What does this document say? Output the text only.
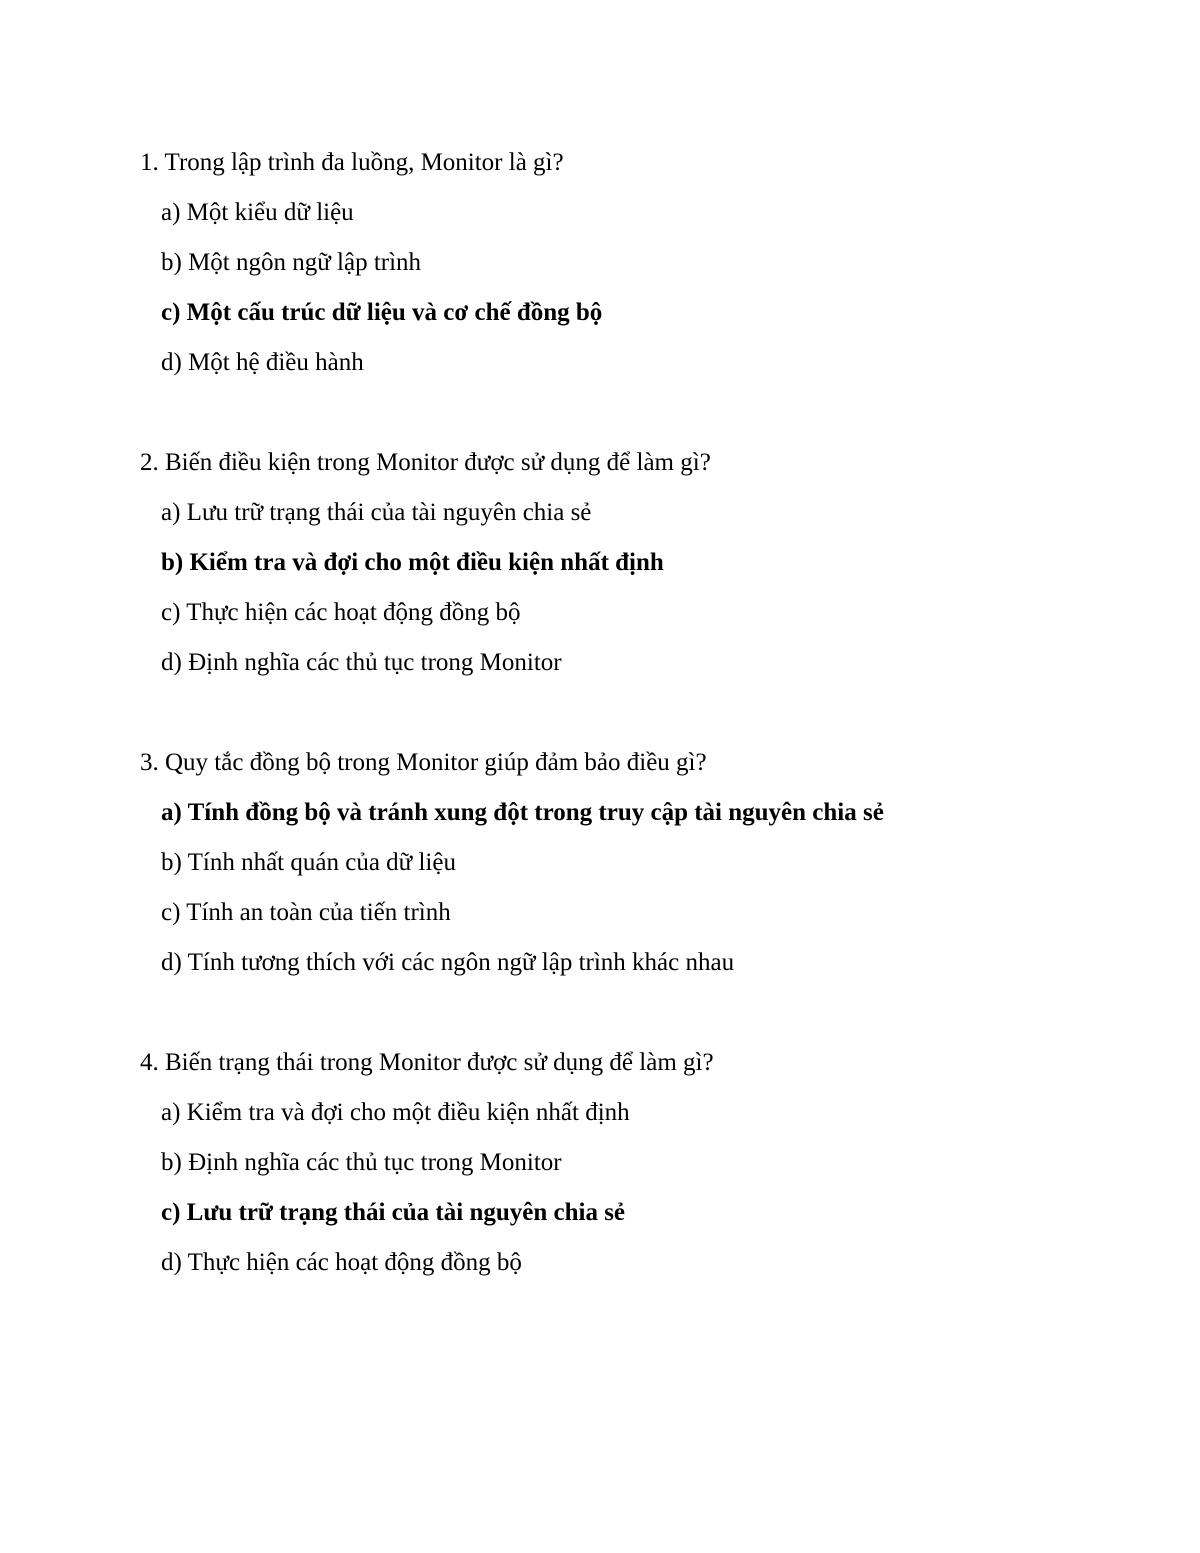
1. Trong lập trình đa luồng, Monitor là gì?
a) Một kiểu dữ liệu
b) Một ngôn ngữ lập trình
c) Một cấu trúc dữ liệu và cơ chế đồng bộ
d) Một hệ điều hành
2. Biến điều kiện trong Monitor được sử dụng để làm gì?
a) Lưu trữ trạng thái của tài nguyên chia sẻ
b) Kiểm tra và đợi cho một điều kiện nhất định
c) Thực hiện các hoạt động đồng bộ
d) Định nghĩa các thủ tục trong Monitor
3. Quy tắc đồng bộ trong Monitor giúp đảm bảo điều gì?
a) Tính đồng bộ và tránh xung đột trong truy cập tài nguyên chia sẻ
b) Tính nhất quán của dữ liệu
c) Tính an toàn của tiến trình
d) Tính tương thích với các ngôn ngữ lập trình khác nhau
4. Biến trạng thái trong Monitor được sử dụng để làm gì?
a) Kiểm tra và đợi cho một điều kiện nhất định
b) Định nghĩa các thủ tục trong Monitor
c) Lưu trữ trạng thái của tài nguyên chia sẻ
d) Thực hiện các hoạt động đồng bộ
